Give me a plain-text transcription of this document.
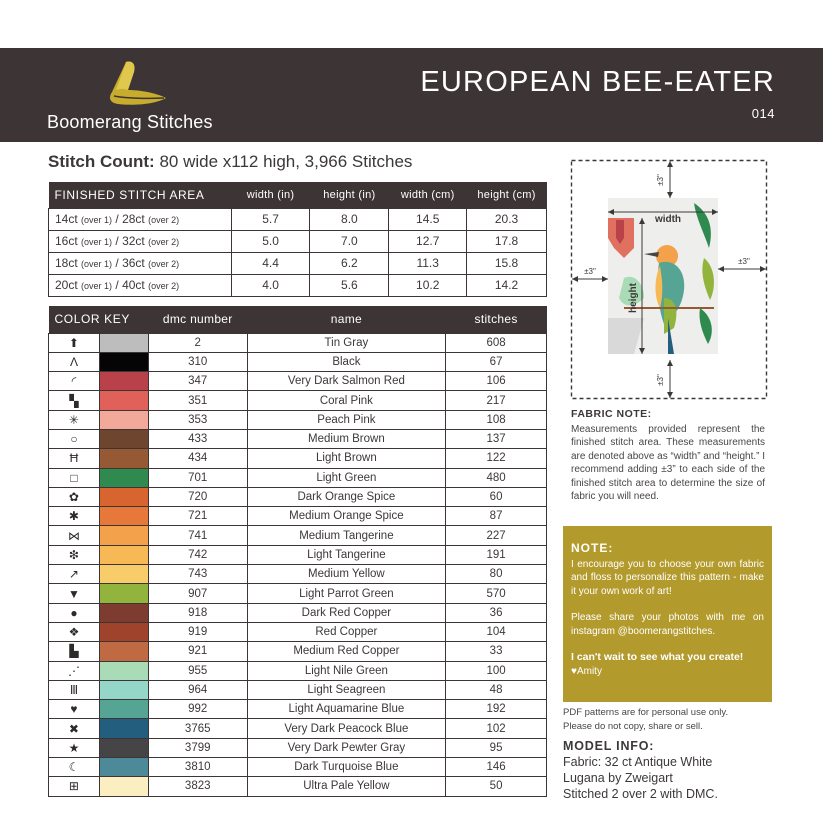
Boomerang Stitches
EUROPEAN BEE-EATER
014
Stitch Count: 80 wide x112 high, 3,966 Stitches
FINISHED STITCH AREA	width (in)	height (in)	width (cm)	height (cm)
14ct (over 1) / 28ct (over 2)	5.7	8.0	14.5	20.3
16ct (over 1) / 32ct (over 2)	5.0	7.0	12.7	17.8
18ct (over 1) / 36ct (over 2)	4.4	6.2	11.3	15.8
20ct (over 1) / 40ct (over 2)	4.0	5.6	10.2	14.2
COLOR KEY		dmc number	name	stitches
⬆		2	Tin Gray	608
Λ		310	Black	67
◜		347	Very Dark Salmon Red	106
▚		351	Coral Pink	217
✳		353	Peach Pink	108
○		433	Medium Brown	137
Ħ		434	Light Brown	122
□		701	Light Green	480
✿		720	Dark Orange Spice	60
✱		721	Medium Orange Spice	87
⋈		741	Medium Tangerine	227
❇		742	Light Tangerine	191
↗		743	Medium Yellow	80
▼		907	Light Parrot Green	570
●		918	Dark Red Copper	36
❖		919	Red Copper	104
▙		921	Medium Red Copper	33
⋰		955	Light Nile Green	100
Ⅲ		964	Light Seagreen	48
♥		992	Light Aquamarine Blue	192
✖		3765	Very Dark Peacock Blue	102
★		3799	Very Dark Pewter Gray	95
☾		3810	Dark Turquoise Blue	146
⊞		3823	Ultra Pale Yellow	50
width
height
±3"
±3"
±3"
±3"
FABRIC NOTE:
Measurements provided represent the finished stitch area. These measurements are denoted above as “width” and “height.” I recommend adding ±3” to each side of the finished stitch area to determine the size of fabric you will need.
NOTE:

I encourage you to choose your own fabric and floss to personalize this pattern - make it your own work of art!

Please share your photos with me on instagram @boomerangstitches.

I can't wait to see what you create!

♥Amity
PDF patterns are for personal use only.
Please do not copy, share or sell.
MODEL INFO:
Fabric: 32 ct Antique White
Lugana by Zweigart
Stitched 2 over 2 with DMC.
